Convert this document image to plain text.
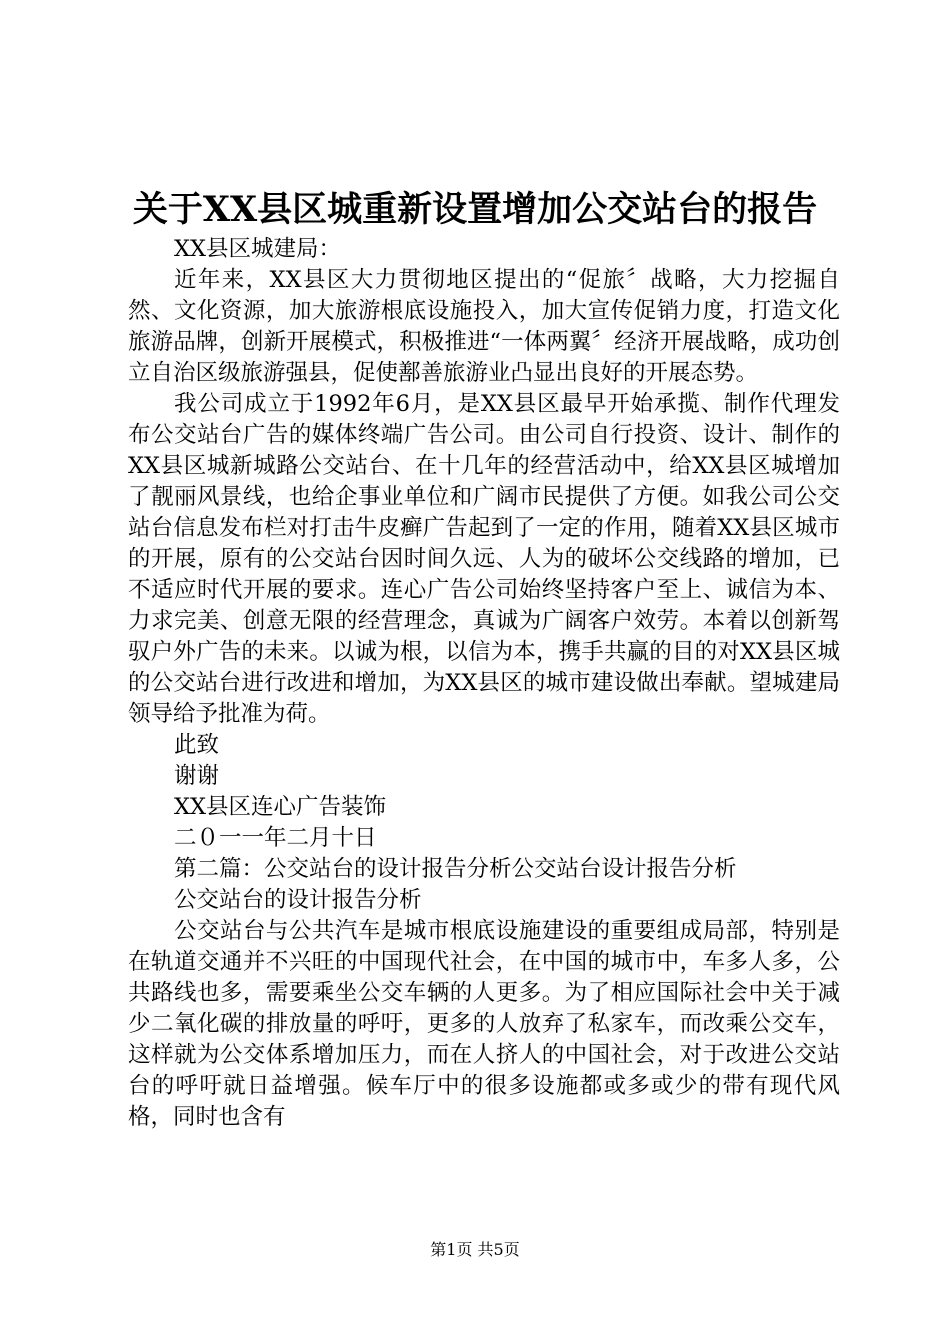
关于XX县区城重新设置增加公交站台的报告

XX县区城建局：

近年来，XX县区大力贯彻地区提出的“促旅〞战略，大力挖掘自然、文化资源，加大旅游根底设施投入，加大宣传促销力度，打造文化旅游品牌，创新开展模式，积极推进“一体两翼〞经济开展战略，成功创立自治区级旅游强县，促使鄯善旅游业凸显出良好的开展态势。

我公司成立于1992年6月，是XX县区最早开始承揽、制作代理发布公交站台广告的媒体终端广告公司。由公司自行投资、设计、制作的XX县区城新城路公交站台、在十几年的经营活动中，给XX县区城增加了靓丽风景线，也给企事业单位和广阔市民提供了方便。如我公司公交站台信息发布栏对打击牛皮癣广告起到了一定的作用，随着XX县区城市的开展，原有的公交站台因时间久远、人为的破坏公交线路的增加，已不适应时代开展的要求。连心广告公司始终坚持客户至上、诚信为本、力求完美、创意无限的经营理念，真诚为广阔客户效劳。本着以创新驾驭户外广告的未来。以诚为根，以信为本，携手共赢的目的对XX县区城的公交站台进行改进和增加，为XX县区的城市建设做出奉献。望城建局领导给予批准为荷。

此致

谢谢

XX县区连心广告装饰

二０一一年二月十日

第二篇：公交站台的设计报告分析公交站台设计报告分析

公交站台的设计报告分析

公交站台与公共汽车是城市根底设施建设的重要组成局部，特别是在轨道交通并不兴旺的中国现代社会，在中国的城市中，车多人多，公共路线也多，需要乘坐公交车辆的人更多。为了相应国际社会中关于减少二氧化碳的排放量的呼吁，更多的人放弃了私家车，而改乘公交车，这样就为公交体系增加压力，而在人挤人的中国社会，对于改进公交站台的呼吁就日益增强。候车厅中的很多设施都或多或少的带有现代风格，同时也含有

第1页 共5页
